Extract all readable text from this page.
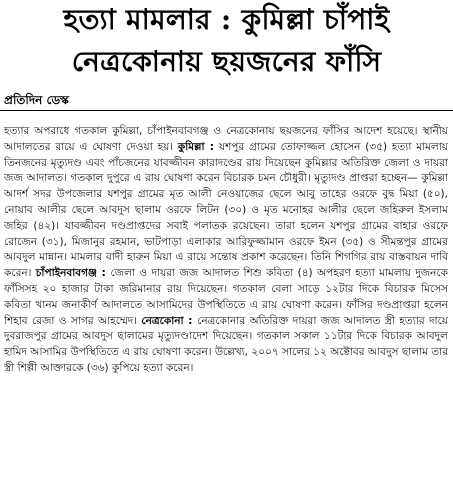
হত্যা মামলার : কুমিল্লা চাঁপাই
নেত্রকোনায় ছয়জনের ফাঁসি
প্রতিদিন ডেস্ক

হত্যার অপরাধে গতকাল কুমিল্লা, চাঁপাইনবাবগঞ্জ ও নেত্রকোনায় ছয়জনের ফাঁসির আদেশ হয়েছে। স্থানীয় আদালতের রায়ে এ ঘোষণা দেওয়া হয়। কুমিল্লা : যশপুর গ্রামের তোফাজ্জল হোসেন (৩৫) হত্যা মামলায় তিনজনের মৃত্যুদণ্ড এবং পাঁচজনের যাবজ্জীবন কারাদণ্ডের রায় দিয়েছেন কুমিল্লার অতিরিক্ত জেলা ও দায়রা জজ আদালত। গতকাল দুপুরে এ রায় ঘোষণা করেন বিচারক চমন চৌধুরী। মৃত্যুদণ্ড প্রাপ্তরা হচ্ছেন— কুমিল্লা আদর্শ সদর উপজেলার যশপুর গ্রামের মৃত আলী নেওয়াজের ছেলে আবু তাহের ওরফে বুদ্ব মিয়া (৫০), নোয়াব আলীর ছেলে আবদুস ছালাম ওরফে লিটন (৩০) ও মৃত মনোহর আলীর ছেলে জহিরুল ইসলাম জহির (৪২)। যাবজ্জীবন দণ্ডপ্রাপ্তদের সবাই পলাতক রয়েছেন। তারা হলেন যশপুর গ্রামের বাহার ওরফে রোজেন (৩১), মিজানুর রহমান, ভাটপাড়া এলাকার আরিফুজ্জামান ওরফে ইমন (৩৫) ও সীমন্তপুর গ্রামের আবদুল মান্নান। মামলার বাদী হারুন মিয়া এ রায়ে সন্তোষ প্রকাশ করেছেন। তিনি শিগগির রায় বাস্তবায়ন দাবি করেন। চাঁপাইনবাবগঞ্জ : জেলা ও দায়রা জজ আদালত শিশু কবিতা (৪) অপহরণ হত্যা মামলায় দুজনকে ফাঁসিসহ ২০ হাজার টাকা জরিমানার রায় দিয়েছেন। গতকাল বেলা সাড়ে ১২টার দিকে বিচারক মিসেস কবিতা খানম জনাকীর্ণ আদালতে আসামিদের উপস্থিতিতে এ রায় ঘোষণা করেন। ফাঁসির দণ্ডপ্রাপ্তরা হলেন শিহাব রেজা ও সাগর আহম্মেদ। নেত্রকোনা : নেত্রকোনার অতিরিক্ত দায়রা জজ আদালত স্ত্রী হত্যার দায়ে দুবরাজপুর গ্রামের আবদুস ছালামের মৃত্যুদণ্ডাদেশ দিয়েছেন। গতকাল সকাল ১১টার দিকে বিচারক আবদুল হামিদ আসামির উপস্থিতিতে এ রায় ঘোষণা করেন। উল্লেখ্য, ২০০৭ সালের ১২ অক্টোবর আবদুস ছালাম তার স্ত্রী শিল্পী আক্তারকে (৩৬) কুপিয়ে হত্যা করেন।
